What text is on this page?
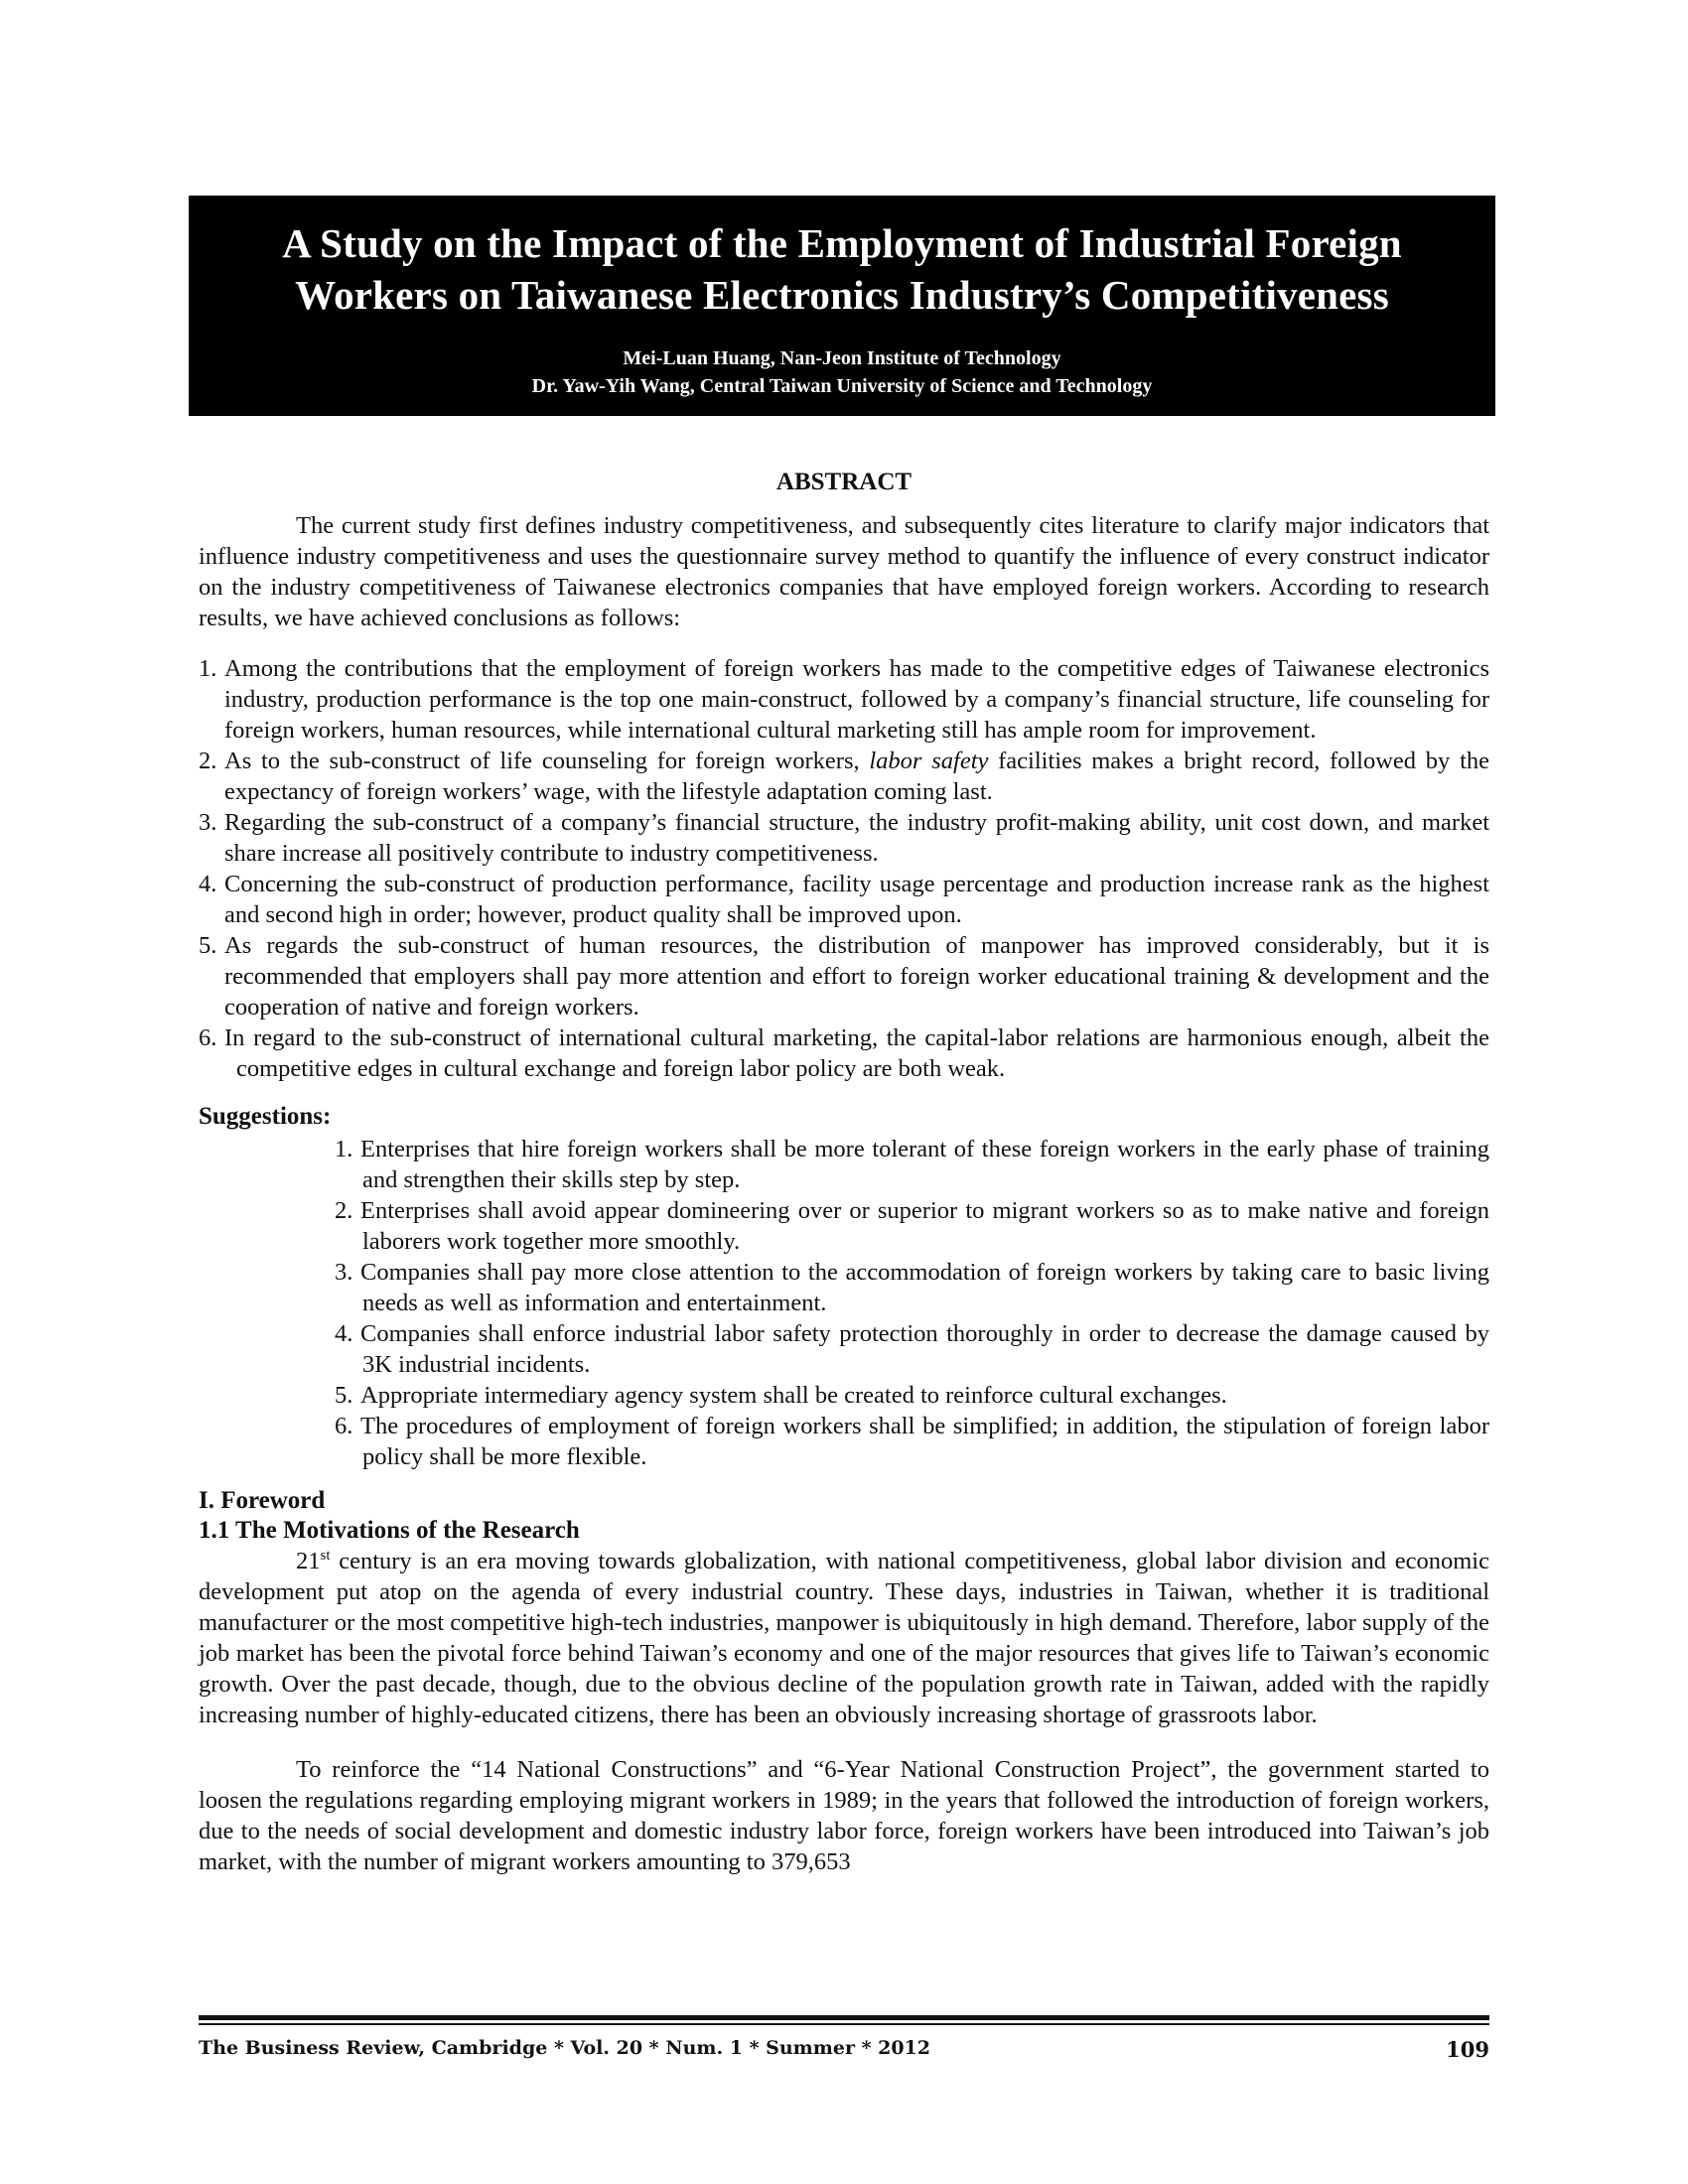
A Study on the Impact of the Employment of Industrial Foreign
Workers on Taiwanese Electronics Industry’s Competitiveness
Mei-Luan Huang, Nan-Jeon Institute of Technology
Dr. Yaw-Yih Wang, Central Taiwan University of Science and Technology
ABSTRACT

The current study first defines industry competitiveness, and subsequently cites literature to clarify major indicators that influence industry competitiveness and uses the questionnaire survey method to quantify the influence of every construct indicator on the industry competitiveness of Taiwanese electronics companies that have employed foreign workers. According to research results, we have achieved conclusions as follows:

1. Among the contributions that the employment of foreign workers has made to the competitive edges of Taiwanese electronics industry, production performance is the top one main-construct, followed by a company’s financial structure, life counseling for foreign workers, human resources, while international cultural marketing still has ample room for improvement.
2. As to the sub-construct of life counseling for foreign workers, labor safety facilities makes a bright record, followed by the expectancy of foreign workers’ wage, with the lifestyle adaptation coming last.
3. Regarding the sub-construct of a company’s financial structure, the industry profit-making ability, unit cost down, and market share increase all positively contribute to industry competitiveness.
4. Concerning the sub-construct of production performance, facility usage percentage and production increase rank as the highest and second high in order; however, product quality shall be improved upon.
5. As regards the sub-construct of human resources, the distribution of manpower has improved considerably, but it is recommended that employers shall pay more attention and effort to foreign worker educational training & development and the cooperation of native and foreign workers.
6. In regard to the sub-construct of international cultural marketing, the capital-labor relations are harmonious enough, albeit the competitive edges in cultural exchange and foreign labor policy are both weak.
Suggestions:
1. Enterprises that hire foreign workers shall be more tolerant of these foreign workers in the early phase of training and strengthen their skills step by step.
2. Enterprises shall avoid appear domineering over or superior to migrant workers so as to make native and foreign laborers work together more smoothly.
3. Companies shall pay more close attention to the accommodation of foreign workers by taking care to basic living needs as well as information and entertainment.
4. Companies shall enforce industrial labor safety protection thoroughly in order to decrease the damage caused by 3K industrial incidents.
5. Appropriate intermediary agency system shall be created to reinforce cultural exchanges.
6. The procedures of employment of foreign workers shall be simplified; in addition, the stipulation of foreign labor policy shall be more flexible.
I. Foreword
1.1 The Motivations of the Research

21st century is an era moving towards globalization, with national competitiveness, global labor division and economic development put atop on the agenda of every industrial country. These days, industries in Taiwan, whether it is traditional manufacturer or the most competitive high-tech industries, manpower is ubiquitously in high demand. Therefore, labor supply of the job market has been the pivotal force behind Taiwan’s economy and one of the major resources that gives life to Taiwan’s economic growth. Over the past decade, though, due to the obvious decline of the population growth rate in Taiwan, added with the rapidly increasing number of highly-educated citizens, there has been an obviously increasing shortage of grassroots labor.

To reinforce the “14 National Constructions” and “6-Year National Construction Project”, the government started to loosen the regulations regarding employing migrant workers in 1989; in the years that followed the introduction of foreign workers, due to the needs of social development and domestic industry labor force, foreign workers have been introduced into Taiwan’s job market, with the number of migrant workers amounting to 379,653

The Business Review, Cambridge * Vol. 20 * Num. 1 * Summer * 2012	109
